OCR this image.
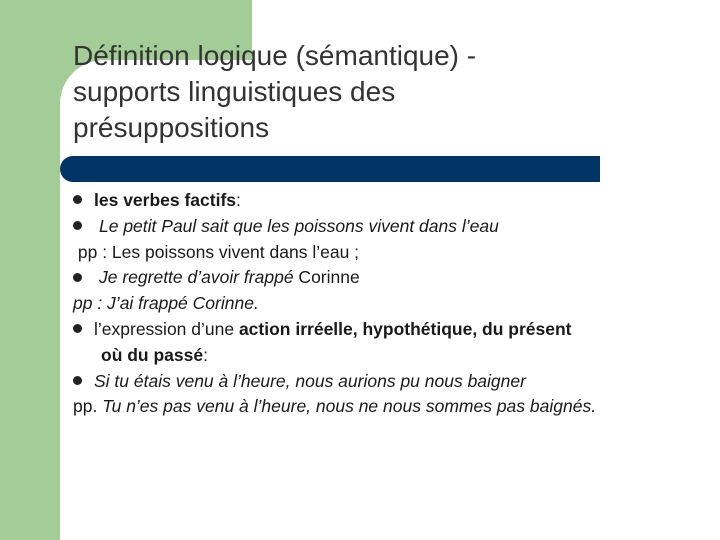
Définition logique (sémantique) -
supports linguistiques des
présuppositions
les verbes factifs:
Le petit Paul sait que les poissons vivent dans l’eau
pp : Les poissons vivent dans l’eau ;
Je regrette d’avoir frappé Corinne
pp : J’ai frappé Corinne.
l’expression d’une action irréelle, hypothétique, du présent
où du passé:
Si tu étais venu à l’heure, nous aurions pu nous baigner
pp. Tu n’es pas venu à l’heure, nous ne nous sommes pas baignés.
